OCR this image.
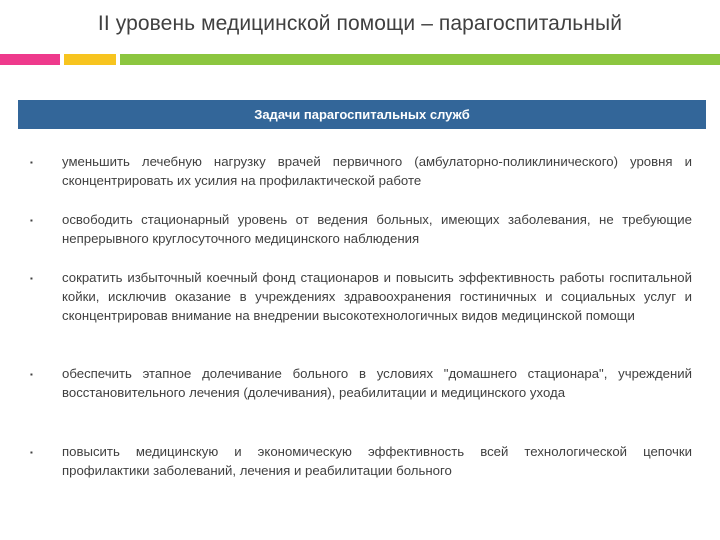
II уровень медицинской помощи – парагоспитальный
Задачи парагоспитальных служб
▪	уменьшить лечебную нагрузку врачей первичного (амбулаторно-поликлинического) уровня и сконцентрировать их усилия на профилактической работе
▪	освободить стационарный уровень от ведения больных, имеющих заболевания, не требующие непрерывного круглосуточного медицинского наблюдения
▪	сократить избыточный коечный фонд стационаров и повысить эффективность работы госпитальной койки, исключив оказание в учреждениях здравоохранения гостиничных и социальных услуг и сконцентрировав внимание на внедрении высокотехнологичных видов медицинской помощи
▪	обеспечить этапное долечивание больного в условиях "домашнего стационара", учреждений восстановительного лечения (долечивания), реабилитации и медицинского ухода
▪	повысить медицинскую и экономическую эффективность всей технологической цепочки профилактики заболеваний, лечения и реабилитации больного
